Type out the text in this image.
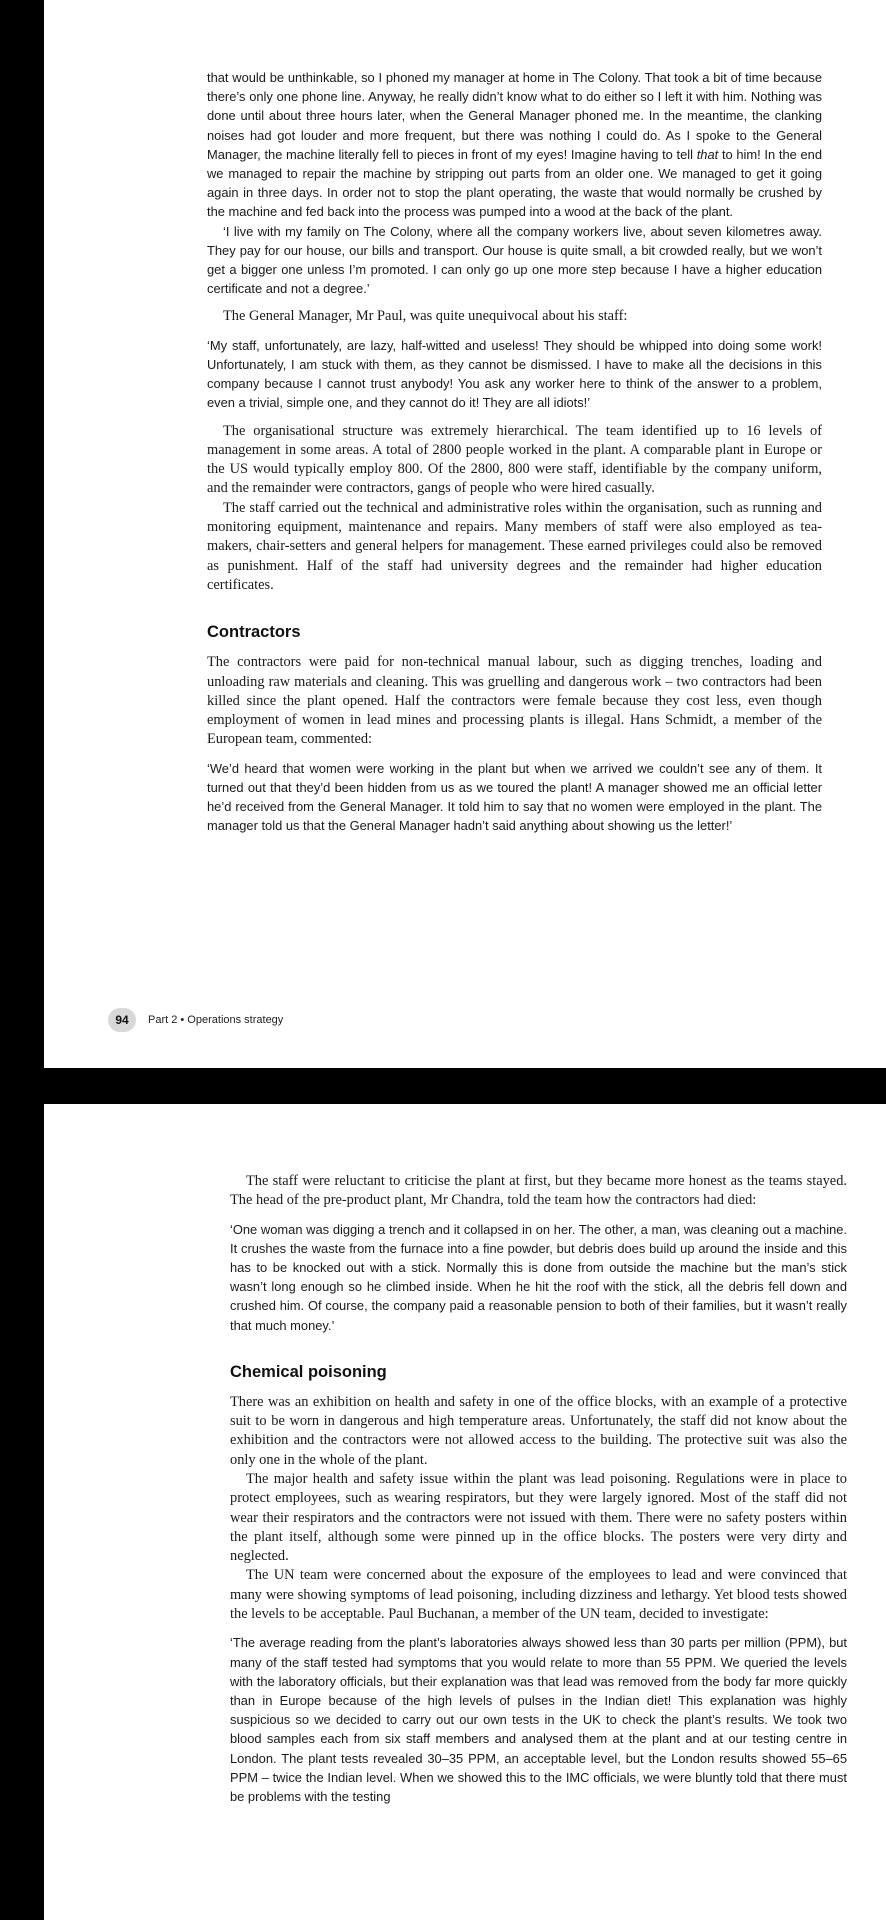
that would be unthinkable, so I phoned my manager at home in The Colony. That took a bit of time because there’s only one phone line. Anyway, he really didn’t know what to do either so I left it with him. Nothing was done until about three hours later, when the General Manager phoned me. In the meantime, the clanking noises had got louder and more frequent, but there was nothing I could do. As I spoke to the General Manager, the machine literally fell to pieces in front of my eyes! Imagine having to tell that to him! In the end we managed to repair the machine by stripping out parts from an older one. We managed to get it going again in three days. In order not to stop the plant operating, the waste that would normally be crushed by the machine and fed back into the process was pumped into a wood at the back of the plant.

‘I live with my family on The Colony, where all the company workers live, about seven kilometres away. They pay for our house, our bills and transport. Our house is quite small, a bit crowded really, but we won’t get a bigger one unless I’m promoted. I can only go up one more step because I have a higher education certificate and not a degree.’

The General Manager, Mr Paul, was quite unequivocal about his staff:

‘My staff, unfortunately, are lazy, half-witted and useless! They should be whipped into doing some work! Unfortunately, I am stuck with them, as they cannot be dismissed. I have to make all the decisions in this company because I cannot trust anybody! You ask any worker here to think of the answer to a problem, even a trivial, simple one, and they cannot do it! They are all idiots!’

The organisational structure was extremely hierarchical. The team identified up to 16 levels of management in some areas. A total of 2800 people worked in the plant. A comparable plant in Europe or the US would typically employ 800. Of the 2800, 800 were staff, identifiable by the company uniform, and the remainder were contractors, gangs of people who were hired casually.

The staff carried out the technical and administrative roles within the organisation, such as running and monitoring equipment, maintenance and repairs. Many members of staff were also employed as tea-makers, chair-setters and general helpers for management. These earned privileges could also be removed as punishment. Half of the staff had university degrees and the remainder had higher education certificates.

Contractors

The contractors were paid for non-technical manual labour, such as digging trenches, loading and unloading raw materials and cleaning. This was gruelling and dangerous work – two contractors had been killed since the plant opened. Half the contractors were female because they cost less, even though employment of women in lead mines and processing plants is illegal. Hans Schmidt, a member of the European team, commented:

‘We’d heard that women were working in the plant but when we arrived we couldn’t see any of them. It turned out that they’d been hidden from us as we toured the plant! A manager showed me an official letter he’d received from the General Manager. It told him to say that no women were employed in the plant. The manager told us that the General Manager hadn’t said anything about showing us the letter!’

94	Part 2 • Operations strategy

The staff were reluctant to criticise the plant at first, but they became more honest as the teams stayed. The head of the pre-product plant, Mr Chandra, told the team how the contractors had died:

‘One woman was digging a trench and it collapsed in on her. The other, a man, was cleaning out a machine. It crushes the waste from the furnace into a fine powder, but debris does build up around the inside and this has to be knocked out with a stick. Normally this is done from outside the machine but the man’s stick wasn’t long enough so he climbed inside. When he hit the roof with the stick, all the debris fell down and crushed him. Of course, the company paid a reasonable pension to both of their families, but it wasn’t really that much money.’

Chemical poisoning

There was an exhibition on health and safety in one of the office blocks, with an example of a protective suit to be worn in dangerous and high temperature areas. Unfortunately, the staff did not know about the exhibition and the contractors were not allowed access to the building. The protective suit was also the only one in the whole of the plant.

The major health and safety issue within the plant was lead poisoning. Regulations were in place to protect employees, such as wearing respirators, but they were largely ignored. Most of the staff did not wear their respirators and the contractors were not issued with them. There were no safety posters within the plant itself, although some were pinned up in the office blocks. The posters were very dirty and neglected.

The UN team were concerned about the exposure of the employees to lead and were convinced that many were showing symptoms of lead poisoning, including dizziness and lethargy. Yet blood tests showed the levels to be acceptable. Paul Buchanan, a member of the UN team, decided to investigate:

‘The average reading from the plant’s laboratories always showed less than 30 parts per million (PPM), but many of the staff tested had symptoms that you would relate to more than 55 PPM. We queried the levels with the laboratory officials, but their explanation was that lead was removed from the body far more quickly than in Europe because of the high levels of pulses in the Indian diet! This explanation was highly suspicious so we decided to carry out our own tests in the UK to check the plant’s results. We took two blood samples each from six staff members and analysed them at the plant and at our testing centre in London. The plant tests revealed 30–35 PPM, an acceptable level, but the London results showed 55–65 PPM – twice the Indian level. When we showed this to the IMC officials, we were bluntly told that there must be problems with the testing
